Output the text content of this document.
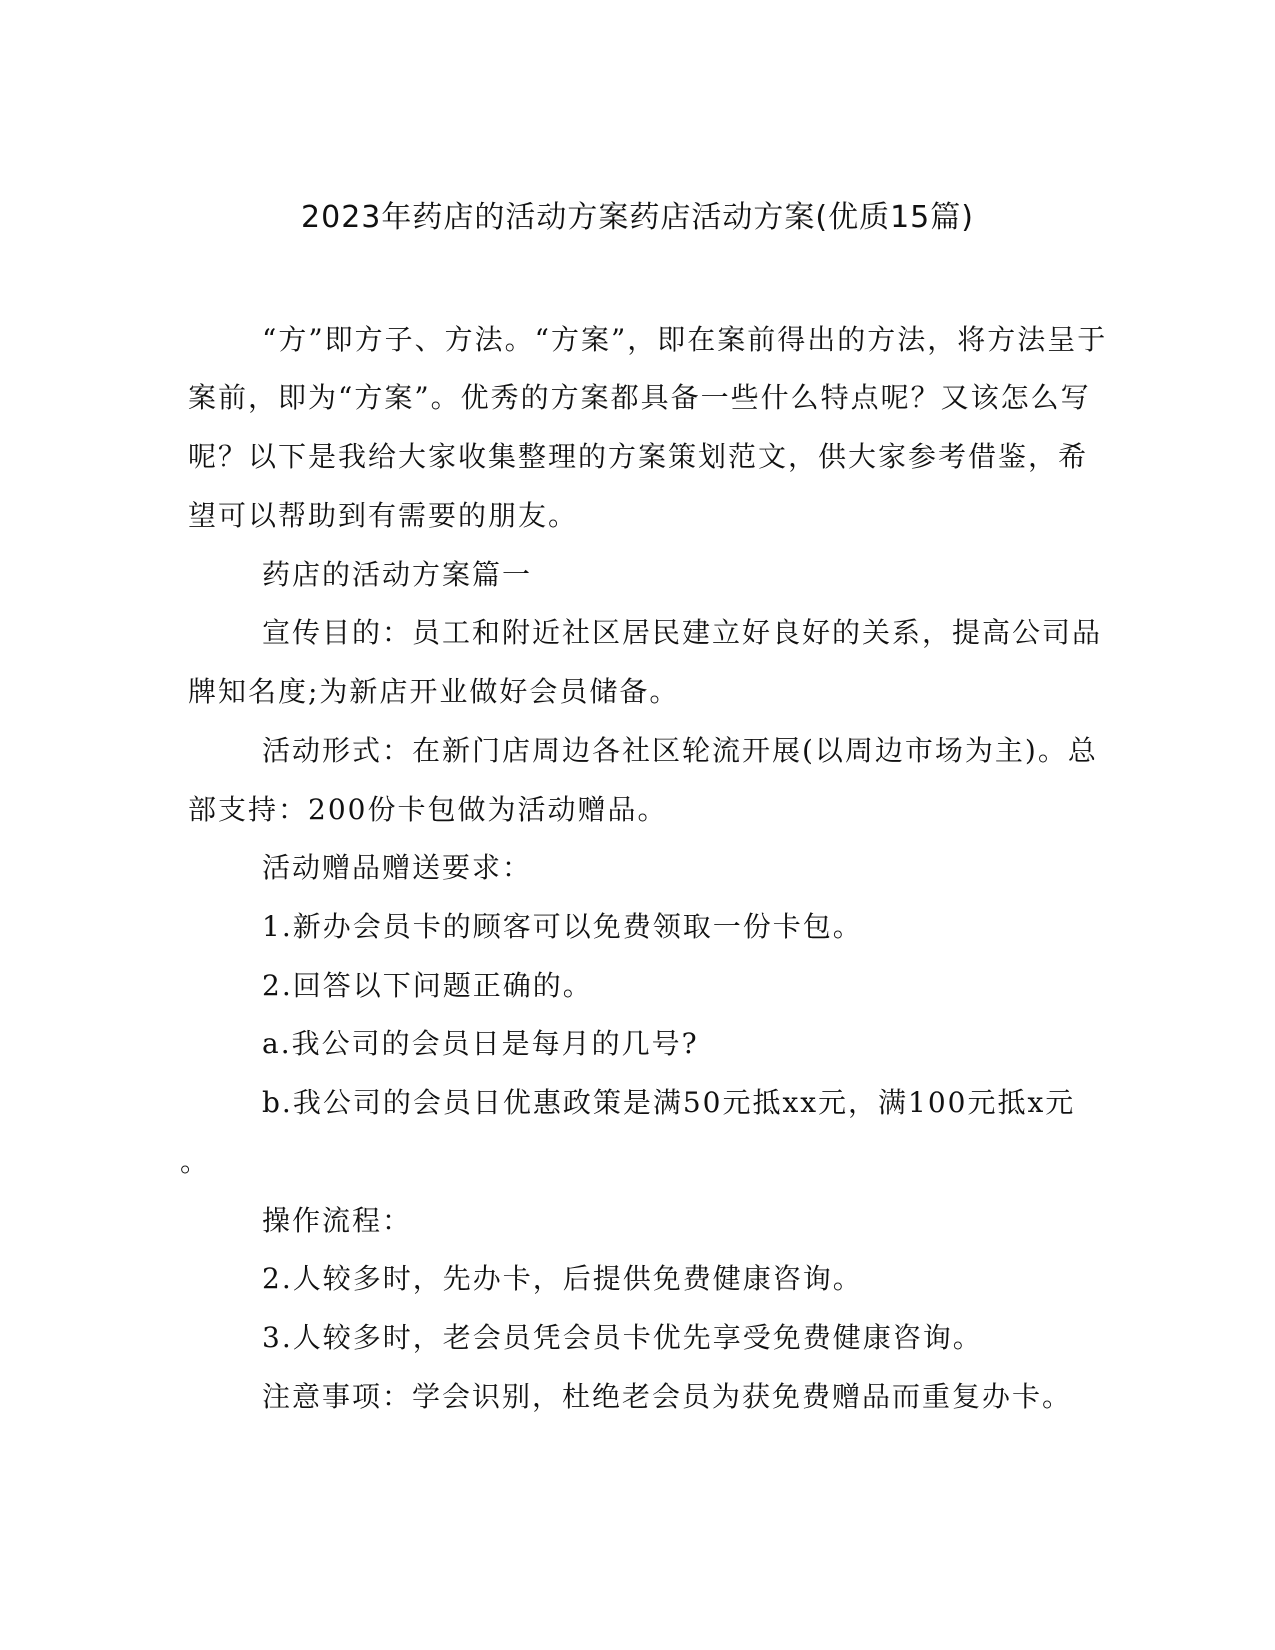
2023年药店的活动方案药店活动方案(优质15篇)
“方”即方子、方法。“方案”，即在案前得出的方法，将方法呈于
案前，即为“方案”。优秀的方案都具备一些什么特点呢？又该怎么写
呢？以下是我给大家收集整理的方案策划范文，供大家参考借鉴，希
望可以帮助到有需要的朋友。
药店的活动方案篇一
宣传目的：员工和附近社区居民建立好良好的关系，提高公司品
牌知名度;为新店开业做好会员储备。
活动形式：在新门店周边各社区轮流开展(以周边市场为主)。总
部支持：200份卡包做为活动赠品。
活动赠品赠送要求：
1.新办会员卡的顾客可以免费领取一份卡包。
2.回答以下问题正确的。
a.我公司的会员日是每月的几号?
b.我公司的会员日优惠政策是满50元抵xx元，满100元抵x元
。
操作流程：
2.人较多时，先办卡，后提供免费健康咨询。
3.人较多时，老会员凭会员卡优先享受免费健康咨询。
注意事项：学会识别，杜绝老会员为获免费赠品而重复办卡。
